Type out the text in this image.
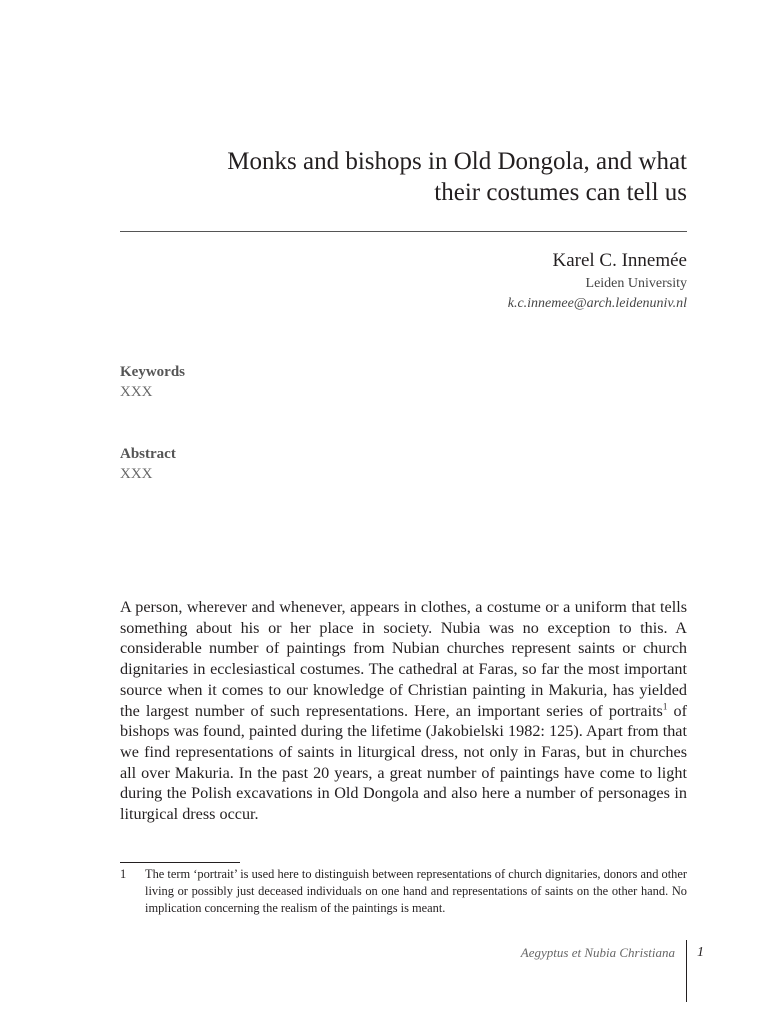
Monks and bishops in Old Dongola, and what
their costumes can tell us
Karel C. Innemée
Leiden University
k.c.innemee@arch.leidenuniv.nl
Keywords
XXX
Abstract
XXX

A person, wherever and whenever, appears in clothes, a costume or a uniform that tells something about his or her place in society. Nubia was no exception to this. A considerable number of paintings from Nubian churches represent saints or church dignitaries in ecclesiastical costumes. The cathedral at Faras, so far the most important source when it comes to our knowledge of Christian painting in Makuria, has yielded the largest number of such representations. Here, an important series of portraits$^1$ of bishops was found, painted during the lifetime (Jakobielski 1982: 125). Apart from that we find representations of saints in liturgical dress, not only in Faras, but in churches all over Makuria. In the past 20 years, a great number of paintings have come to light during the Polish excavations in Old Dongola and also here a number of personages in liturgical dress occur.

1 The term ‘portrait’ is used here to distinguish between representations of church dignitaries, donors and other living or possibly just deceased individuals on one hand and representations of saints on the other hand. No implication concerning the realism of the paintings is meant.
Aegyptus et Nubia Christiana 1
